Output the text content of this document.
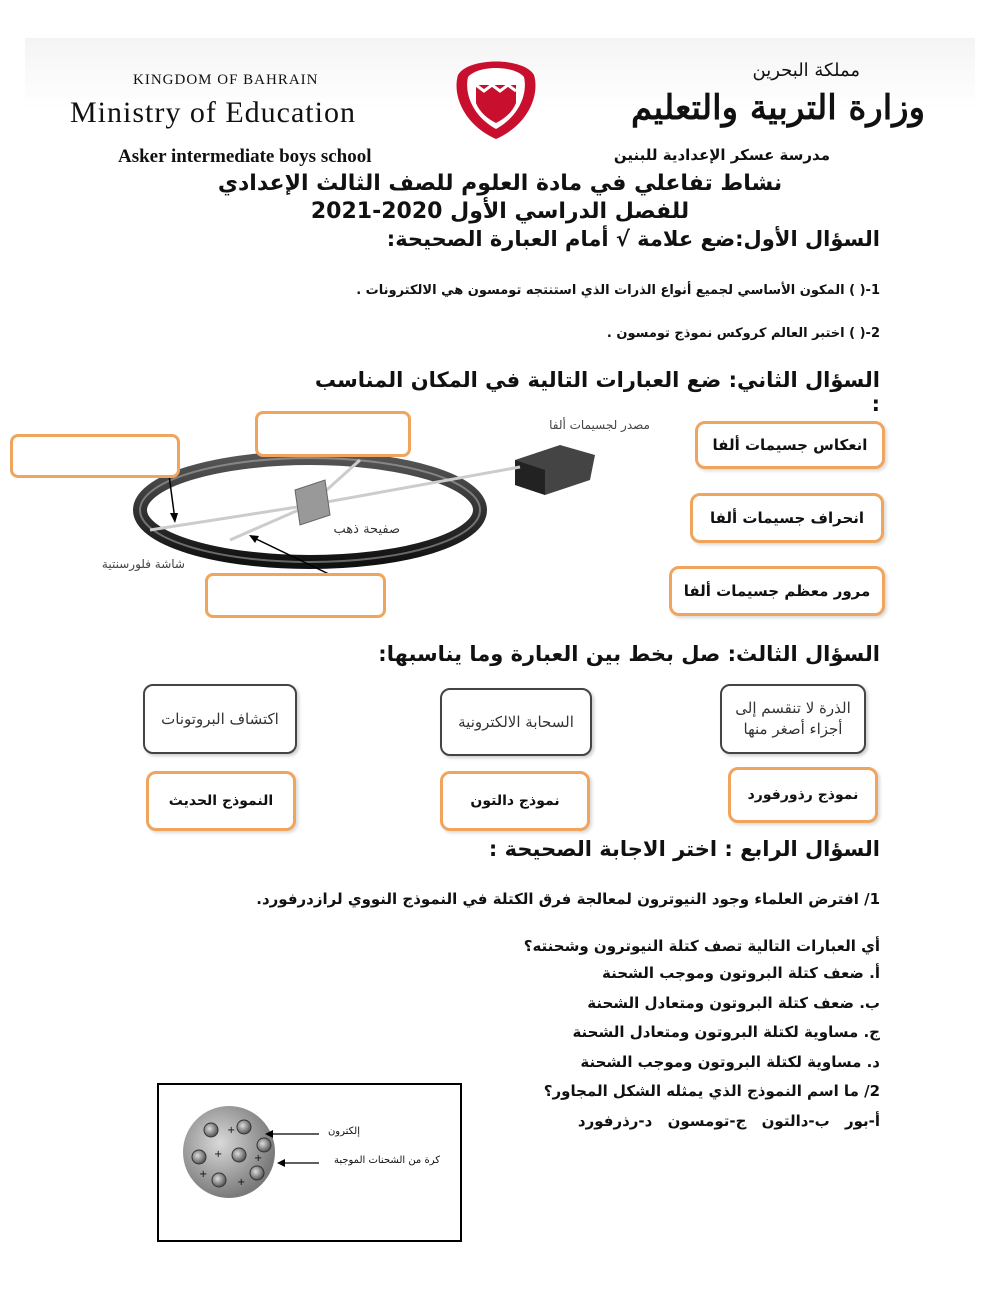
KINGDOM OF BAHRAIN
Ministry of Education
مملكة البحرين
وزارة التربية والتعليم
Asker intermediate boys school	مدرسة عسكر الإعدادية للبنين
نشاط تفاعلي في مادة العلوم للصف الثالث الإعدادي
للفصل الدراسي الأول 2020-2021
السؤال الأول:ضع علامة √ أمام العبارة الصحيحة:
1-( ) المكون الأساسي لجميع أنواع الذرات الذي استنتجه تومسون هي الالكترونات .
2-( ) اختبر العالم كروكس نموذج تومسون .
السؤال الثاني: ضع العبارات التالية في المكان المناسب :
مصدر لجسيمات ألفا
صفيحة ذهب
شاشة فلورسنتية
انعكاس جسيمات ألفا
انحراف جسيمات ألفا
مرور معظم جسيمات ألفا
السؤال الثالث: صل بخط بين العبارة وما يناسبها:
الذرة لا تنقسم إلى أجزاء أصغر منها
السحابة الالكترونية
اكتشاف البروتونات
نموذج رذورفورد
نموذج دالتون
النموذج الحديث
السؤال الرابع : اختر الاجابة الصحيحة :
1/ افترض العلماء وجود النيوترون لمعالجة فرق الكتلة في النموذج النووي لرازدرفورد.
أي العبارات التالية تصف كتلة النيوترون وشحنته؟
أ. ضعف كتلة البروتون وموجب الشحنة
ب. ضعف كتلة البروتون ومتعادل الشحنة
ج. مساوية لكتلة البروتون ومتعادل الشحنة
د. مساوية لكتلة البروتون وموجب الشحنة
2/ ما اسم النموذج الذي يمثله الشكل المجاور؟
أ-بور ب-دالتون ج-تومسون د-رذرفورد
+
+	+
+
+
إلكترون
كرة من الشحنات الموجبة
